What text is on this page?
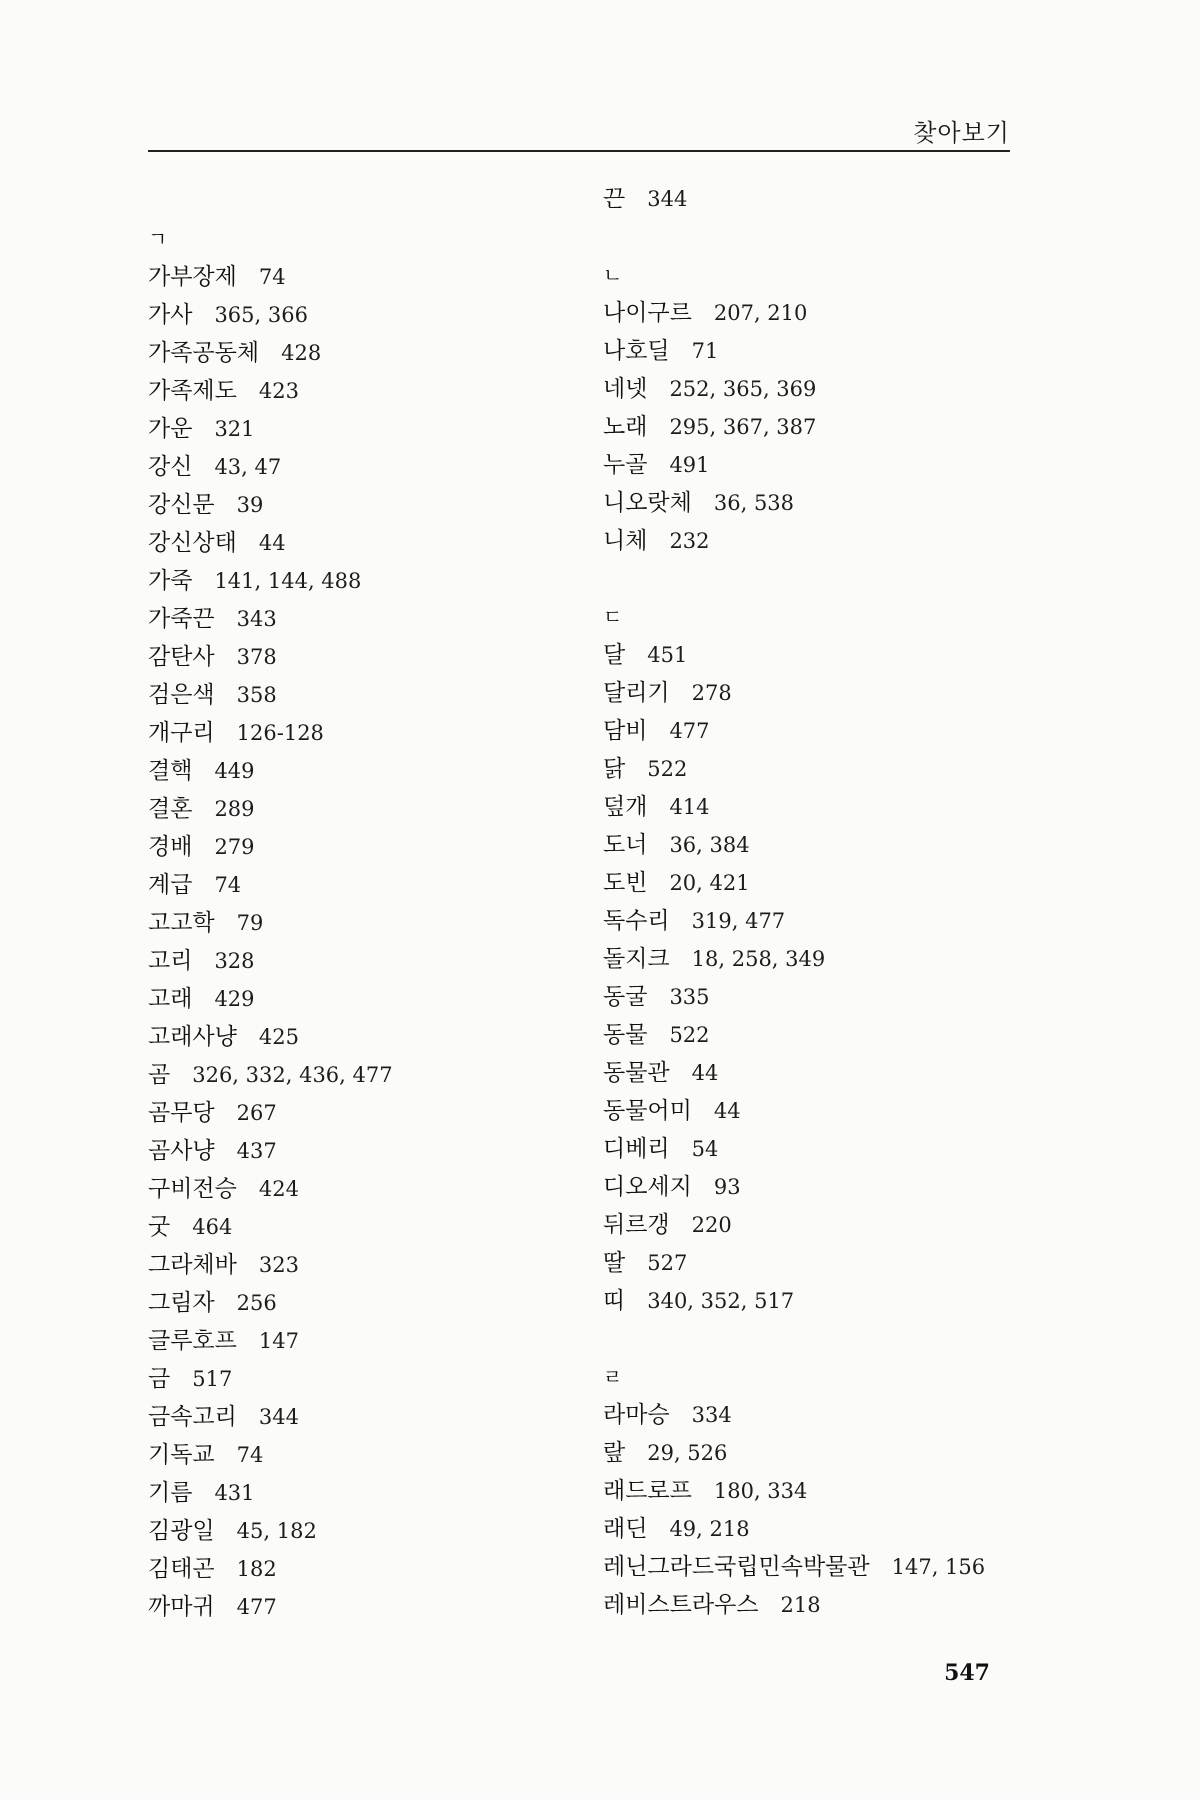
찾아보기
ㄱ
가부장제 74
가사 365, 366
가족공동체 428
가족제도 423
가운 321
강신 43, 47
강신문 39
강신상태 44
가죽 141, 144, 488
가죽끈 343
감탄사 378
검은색 358
개구리 126-128
결핵 449
결혼 289
경배 279
계급 74
고고학 79
고리 328
고래 429
고래사냥 425
곰 326, 332, 436, 477
곰무당 267
곰사냥 437
구비전승 424
굿 464
그라체바 323
그림자 256
글루호프 147
금 517
금속고리 344
기독교 74
기름 431
김광일 45, 182
김태곤 182
까마귀 477
끈 344
ㄴ
나이구르 207, 210
나호딜 71
네넷 252, 365, 369
노래 295, 367, 387
누골 491
니오랏체 36, 538
니체 232
ㄷ
달 451
달리기 278
담비 477
닭 522
덮개 414
도너 36, 384
도빈 20, 421
독수리 319, 477
돌지크 18, 258, 349
동굴 335
동물 522
동물관 44
동물어미 44
디베리 54
디오세지 93
뒤르갱 220
딸 527
띠 340, 352, 517
ㄹ
라마승 334
랖 29, 526
래드로프 180, 334
래딘 49, 218
레닌그라드국립민속박물관 147, 156
레비스트라우스 218
547
